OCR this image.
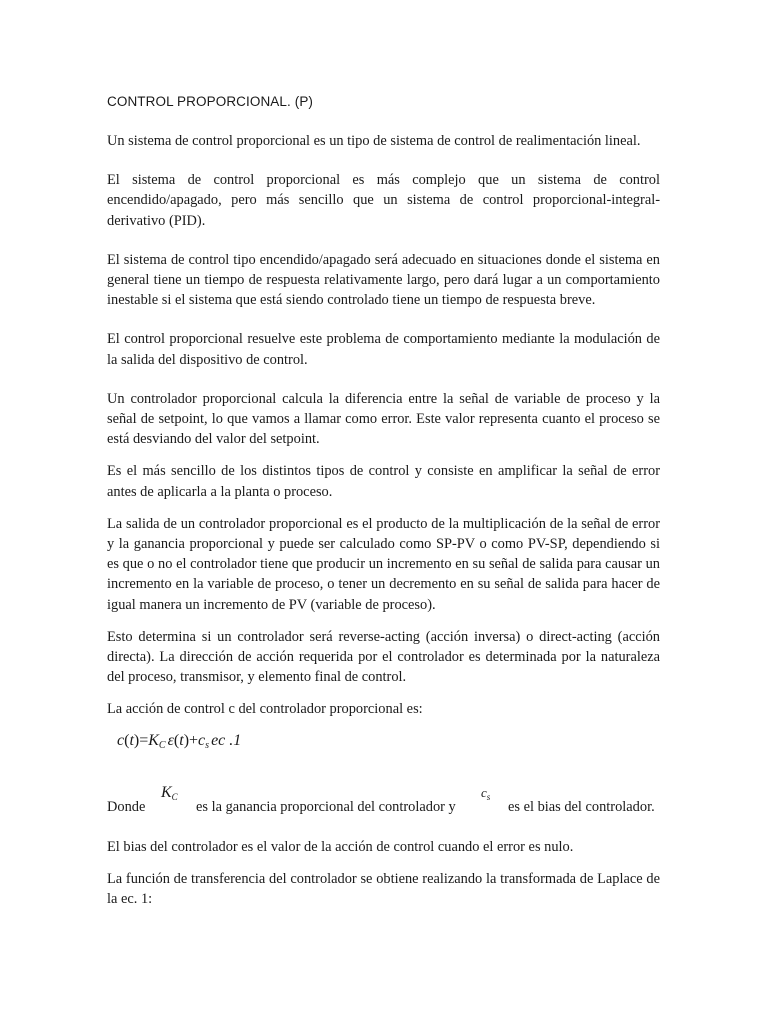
CONTROL PROPORCIONAL. (P)

Un sistema de control proporcional es un tipo de sistema de control de realimentación lineal.

El sistema de control proporcional es más complejo que un sistema de control encendido/apagado, pero más sencillo que un sistema de control proporcional-integral-derivativo (PID).

El sistema de control tipo encendido/apagado será adecuado en situaciones donde el sistema en general tiene un tiempo de respuesta relativamente largo, pero dará lugar a un comportamiento inestable si el sistema que está siendo controlado tiene un tiempo de respuesta breve.

El control proporcional resuelve este problema de comportamiento mediante la modulación de la salida del dispositivo de control.

Un controlador proporcional calcula la diferencia entre la señal de variable de proceso y la señal de setpoint, lo que vamos a llamar como error. Este valor representa cuanto el proceso se está desviando del valor del setpoint.

Es el más sencillo de los distintos tipos de control y consiste en amplificar la señal de error antes de aplicarla a la planta o proceso.

La salida de un controlador proporcional es el producto de la multiplicación de la señal de error y la ganancia proporcional y puede ser calculado como SP-PV o como PV-SP, dependiendo si es que o no el controlador tiene que producir un incremento en su señal de salida para causar un incremento en la variable de proceso, o tener un decremento en su señal de salida para hacer de igual manera un incremento de PV (variable de proceso).

Esto determina si un controlador será reverse-acting (acción inversa) o direct-acting (acción directa). La dirección de acción requerida por el controlador es determinada por la naturaleza del proceso, transmisor, y elemento final de control.

La acción de control c del controlador proporcional es:

$c(t)=K_C$ $\varepsilon(t)+c_s$ ec .1
Donde
$K_C$
es la ganancia proporcional del controlador y
$c_s$
es el bias del controlador.

El bias del controlador es el valor de la acción de control cuando el error es nulo.

La función de transferencia del controlador se obtiene realizando la transformada de Laplace de la ec. 1:
